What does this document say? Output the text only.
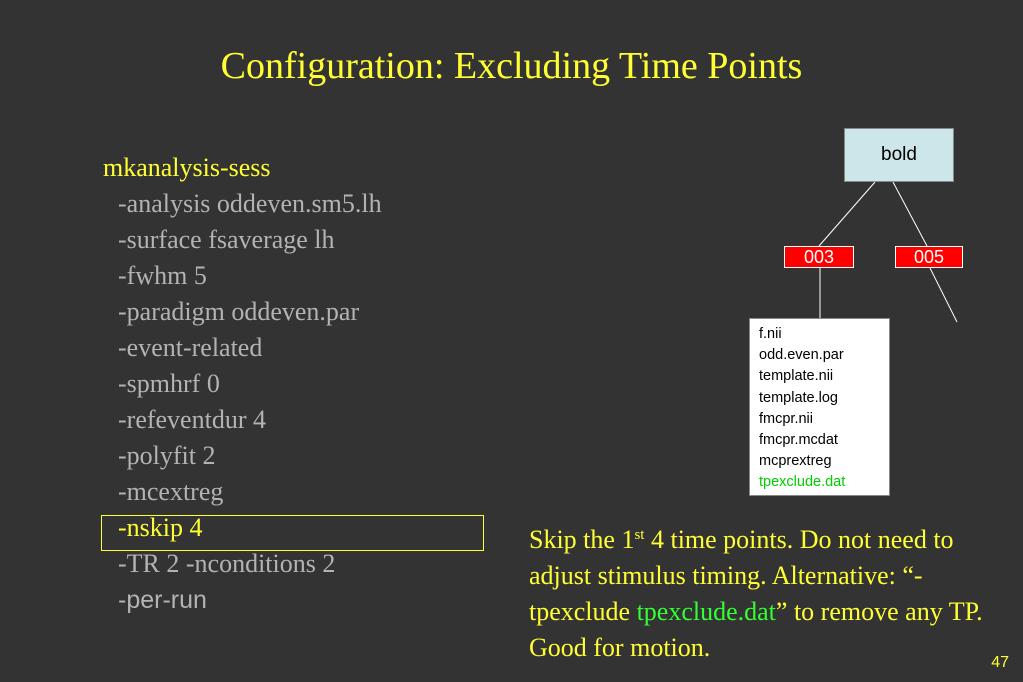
Configuration: Excluding Time Points
mkanalysis-sess
-analysis oddeven.sm5.lh
-surface fsaverage lh
-fwhm 5
-paradigm oddeven.par
-event-related
-spmhrf 0
-refeventdur 4
-polyfit 2
-mcextreg
-nskip 4
-TR 2 -nconditions 2
-per-run
bold
003	005
f.nii
odd.even.par
template.nii
template.log
fmcpr.nii
fmcpr.mcdat
mcprextreg
tpexclude.dat
Skip the 1st 4 time points. Do not need to adjust stimulus timing. Alternative: “-tpexclude tpexclude.dat” to remove any TP. Good for motion.
47
